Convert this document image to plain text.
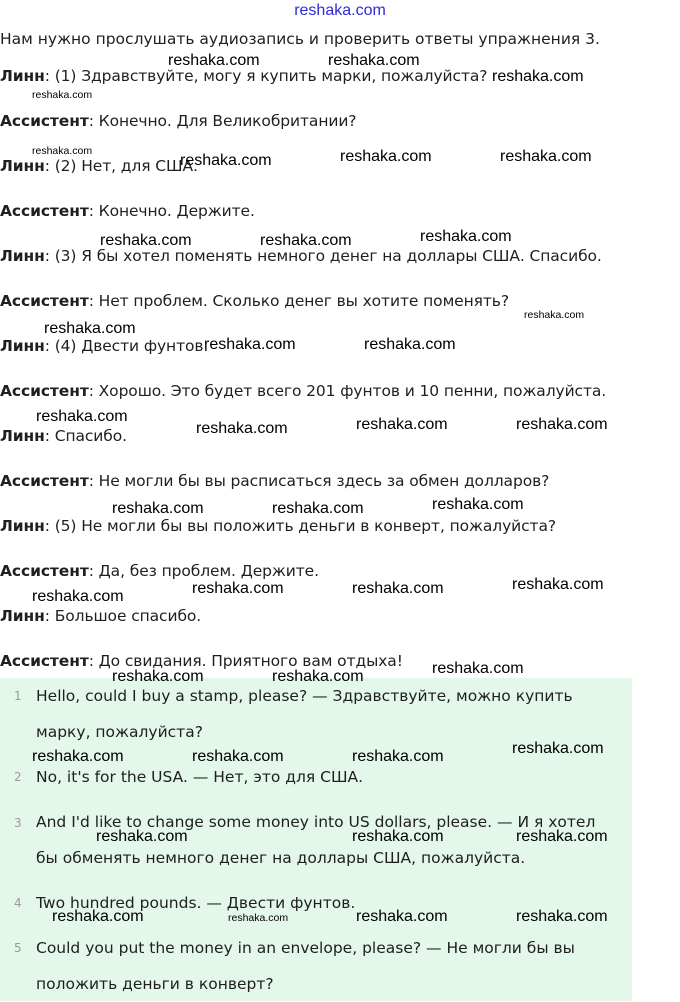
reshaka.com
Нам нужно прослушать аудиозапись и проверить ответы упражнения 3.
Линн: (1) Здравствуйте, могу я купить марки, пожалуйста?
Ассистент: Конечно. Для Великобритании?
Линн: (2) Нет, для США.
Ассистент: Конечно. Держите.
Линн: (3) Я бы хотел поменять немного денег на доллары США. Спасибо.
Ассистент: Нет проблем. Сколько денег вы хотите поменять?
Линн: (4) Двести фунтов.
Ассистент: Хорошо. Это будет всего 201 фунтов и 10 пенни, пожалуйста.
Линн: Спасибо.
Ассистент: Не могли бы вы расписаться здесь за обмен долларов?
Линн: (5) Не могли бы вы положить деньги в конверт, пожалуйста?
Ассистент: Да, без проблем. Держите.
Линн: Большое спасибо.
Ассистент: До свидания. Приятного вам отдыха!
1 Hello, could I buy a stamp, please? — Здравствуйте, можно купить
марку, пожалуйста?
2 No, it's for the USA. — Нет, это для США.
3 And I'd like to change some money into US dollars, please. — И я хотел
бы обменять немного денег на доллары США, пожалуйста.
4 Two hundred pounds. — Двести фунтов.
5 Could you put the money in an envelope, please? — Не могли бы вы
положить деньги в конверт?
reshaka.com	reshaka.com
reshaka.com
reshaka.com
reshaka.com
reshaka.com	reshaka.com	reshaka.com
reshaka.com	reshaka.com	reshaka.com
reshaka.com
reshaka.com
reshaka.com	reshaka.com
reshaka.com
reshaka.com	reshaka.com	reshaka.com
reshaka.com	reshaka.com	reshaka.com
reshaka.com	reshaka.com	reshaka.com	reshaka.com
reshaka.com	reshaka.com	reshaka.com
reshaka.com	reshaka.com	reshaka.com	reshaka.com
reshaka.com	reshaka.com	reshaka.com
reshaka.com	reshaka.com	reshaka.com	reshaka.com
